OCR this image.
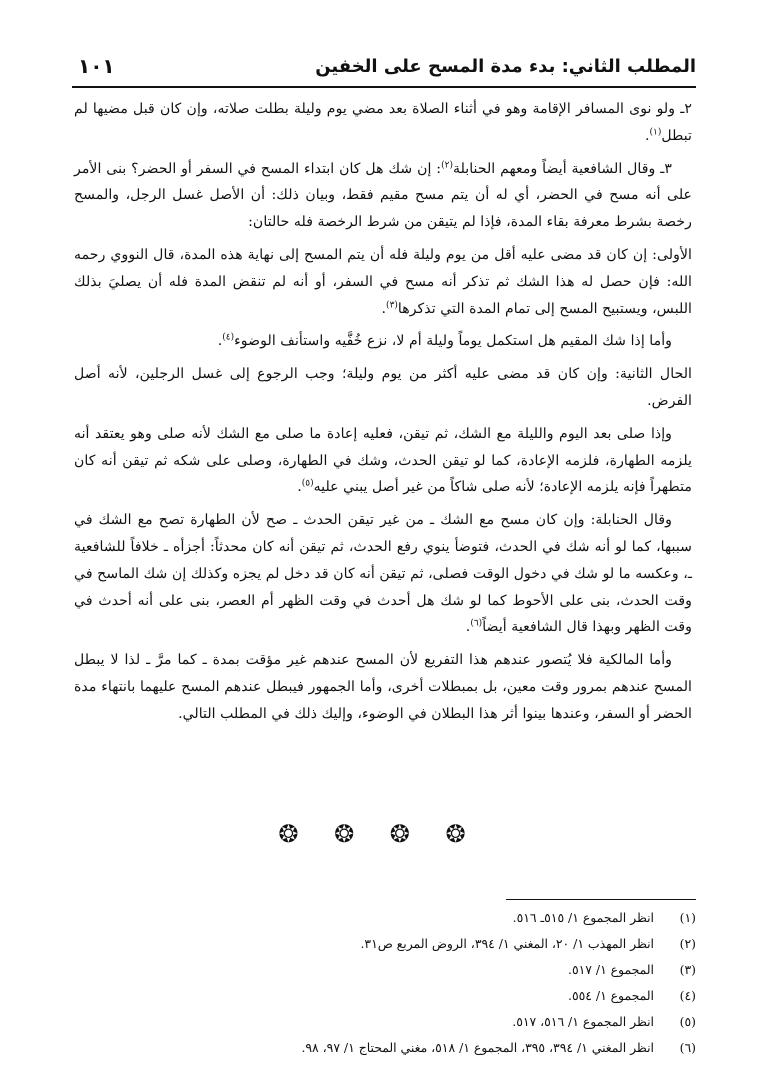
المطلب الثاني: بدء مدة المسح على الخفين
١٠١

٢ـ ولو نوى المسافر الإقامة وهو في أثناء الصلاة بعد مضي يوم وليلة بطلت صلاته، وإن كان قبل مضيها لم تبطل$^{(١)}$.

٣ـ وقال الشافعية أيضاً ومعهم الحنابلة$^{(٢)}$: إن شك هل كان ابتداء المسح في السفر أو الحضر؟ بنى الأمر على أنه مسح في الحضر، أي له أن يتم مسح مقيم فقط، وبيان ذلك: أن الأصل غسل الرجل، والمسح رخصة بشرط معرفة بقاء المدة، فإذا لم يتيقن من شرط الرخصة فله حالتان:

الأولى: إن كان قد مضى عليه أقل من يوم وليلة فله أن يتم المسح إلى نهاية هذه المدة، قال النووي رحمه الله: فإن حصل له هذا الشك ثم تذكر أنه مسح في السفر، أو أنه لم تنقض المدة فله أن يصليَ بذلك اللبس، ويستبيح المسح إلى تمام المدة التي تذكرها$^{(٣)}$.

وأما إذا شك المقيم هل استكمل يوماً وليلة أم لا، نزع خُفَّيه واستأنف الوضوء$^{(٤)}$.

الحال الثانية: وإن كان قد مضى عليه أكثر من يوم وليلة؛ وجب الرجوع إلى غسل الرجلين، لأنه أصل الفرض.

وإذا صلى بعد اليوم والليلة مع الشك، ثم تيقن، فعليه إعادة ما صلى مع الشك لأنه صلى وهو يعتقد أنه يلزمه الطهارة، فلزمه الإعادة، كما لو تيقن الحدث، وشك في الطهارة، وصلى على شكه ثم تيقن أنه كان متطهراً فإنه يلزمه الإعادة؛ لأنه صلى شاكاً من غير أصل يبني عليه$^{(٥)}$.

وقال الحنابلة: وإن كان مسح مع الشك ـ من غير تيقن الحدث ـ صح لأن الطهارة تصح مع الشك في سببها، كما لو أنه شك في الحدث، فتوضأ ينوي رفع الحدث، ثم تيقن أنه كان محدثاً: أجزأه ـ خلافاً للشافعية ـ، وعكسه ما لو شك في دخول الوقت فصلى، ثم تيقن أنه كان قد دخل لم يجزه وكذلك إن شك الماسح في وقت الحدث، بنى على الأحوط كما لو شك هل أحدث في وقت الظهر أم العصر، بنى على أنه أحدث في وقت الظهر وبهذا قال الشافعية أيضاً$^{(٦)}$.

وأما المالكية فلا يُتصور عندهم هذا التفريع لأن المسح عندهم غير مؤقت بمدة ـ كما مرَّ ـ لذا لا يبطل المسح عندهم بمرور وقت معين، بل بمبطلات أخرى، وأما الجمهور فيبطل عندهم المسح عليهما بانتهاء مدة الحضر أو السفر، وعندها بينوا أثر هذا البطلان في الوضوء، وإليك ذلك في المطلب التالي.

❂ ❂ ❂ ❂
(١)انظر المجموع ١/ ٥١٥ـ ٥١٦.
(٢)انظر المهذب ١/ ٢٠، المغني ١/ ٣٩٤، الروض المربع ص٣١.
(٣)المجموع ١/ ٥١٧.
(٤)المجموع ١/ ٥٥٤.
(٥)انظر المجموع ١/ ٥١٦، ٥١٧.
(٦)انظر المغني ١/ ٣٩٤، ٣٩٥، المجموع ١/ ٥١٨، مغني المحتاج ١/ ٩٧، ٩٨.
